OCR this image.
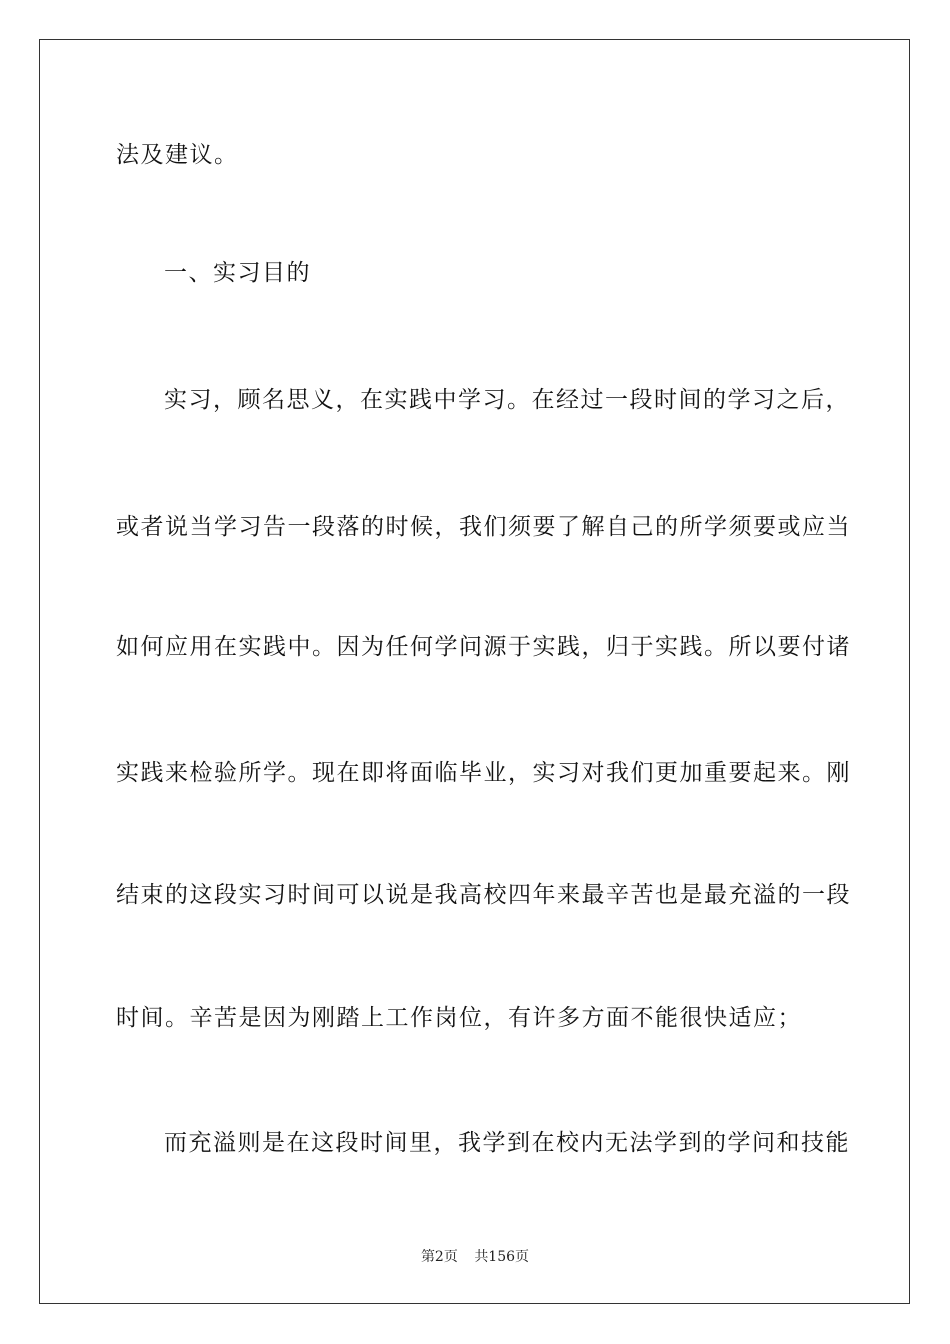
法及建议。
一、实习目的
实习，顾名思义，在实践中学习。在经过一段时间的学习之后，
或者说当学习告一段落的时候，我们须要了解自己的所学须要或应当
如何应用在实践中。因为任何学问源于实践，归于实践。所以要付诸
实践来检验所学。现在即将面临毕业，实习对我们更加重要起来。刚
结束的这段实习时间可以说是我高校四年来最辛苦也是最充溢的一段
时间。辛苦是因为刚踏上工作岗位，有许多方面不能很快适应；
而充溢则是在这段时间里，我学到在校内无法学到的学问和技能
第2页 共156页
